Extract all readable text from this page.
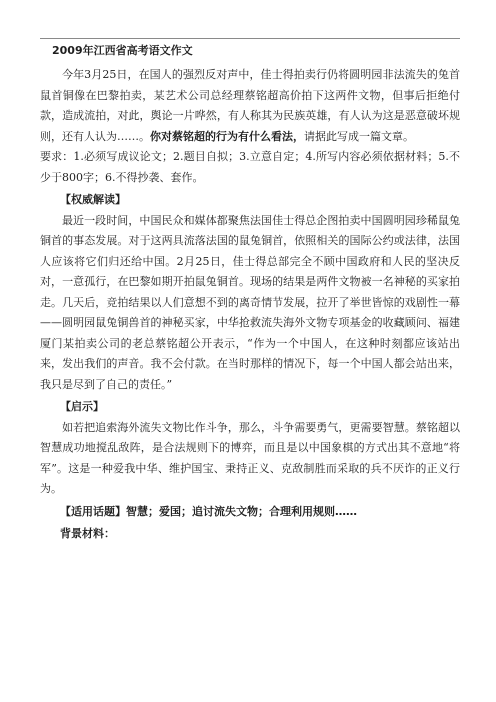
2009年江西省高考语文作文

今年3月25日，在国人的强烈反对声中，佳士得拍卖行仍将圆明园非法流失的兔首鼠首铜像在巴黎拍卖，某艺术公司总经理蔡铭超高价拍下这两件文物，但事后拒绝付款，造成流拍，对此，舆论一片哗然，有人称其为民族英雄，有人认为这是恶意破坏规则，还有人认为……。你对蔡铭超的行为有什么看法，请据此写成一篇文章。

要求：1.必须写成议论文；2.题目自拟；3.立意自定；4.所写内容必须依据材料；5.不少于800字；6.不得抄袭、套作。

【权威解读】

最近一段时间，中国民众和媒体都聚焦法国佳士得总企图拍卖中国圆明园珍稀鼠兔铜首的事态发展。对于这两具流落法国的鼠兔铜首，依照相关的国际公约或法律，法国人应该将它们归还给中国。2月25日，佳士得总部完全不顾中国政府和人民的坚决反对，一意孤行，在巴黎如期开拍鼠兔铜首。现场的结果是两件文物被一名神秘的买家拍走。几天后，竞拍结果以人们意想不到的离奇情节发展，拉开了举世皆惊的戏剧性一幕——圆明园鼠兔铜兽首的神秘买家，中华抢救流失海外文物专项基金的收藏顾问、福建厦门某拍卖公司的老总蔡铭超公开表示，“作为一个中国人，在这种时刻都应该站出来，发出我们的声音。我不会付款。在当时那样的情况下，每一个中国人都会站出来，我只是尽到了自己的责任。”

【启示】

如若把追索海外流失文物比作斗争，那么，斗争需要勇气，更需要智慧。蔡铭超以智慧成功地搅乱敌阵，是合法规则下的博弈，而且是以中国象棋的方式出其不意地“将军”。这是一种爱我中华、维护国宝、秉持正义、克敌制胜而采取的兵不厌诈的正义行为。

【适用话题】智慧；爱国；追讨流失文物；合理利用规则……
背景材料：
